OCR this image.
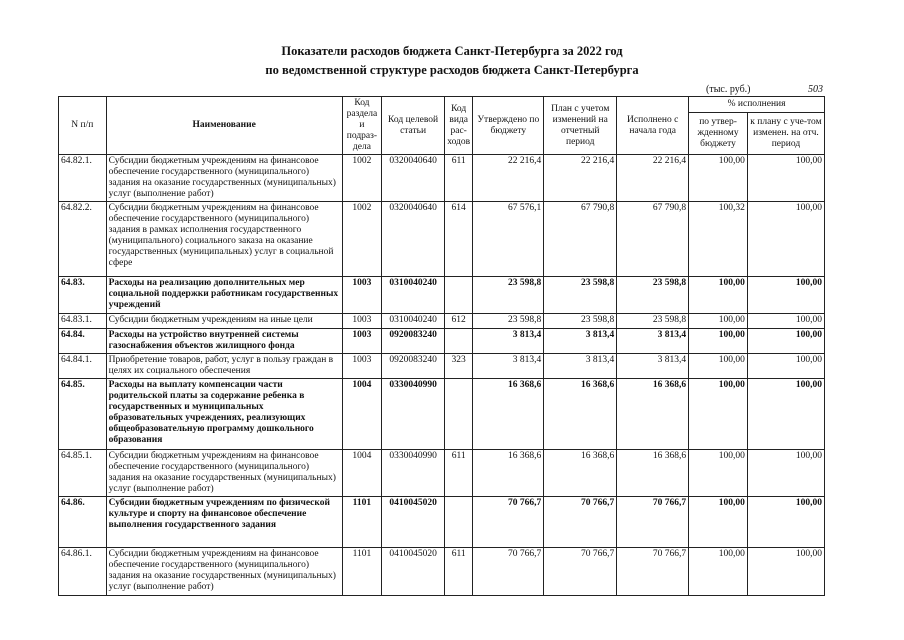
Показатели расходов бюджета Санкт-Петербурга за 2022 год
по ведомственной структуре расходов бюджета Санкт-Петербурга
(тыс. руб.)	503
N п/п	Наименование	Код раздела и подраз-дела	Код целевой статьи	Код вида рас-ходов	Утверждено по бюджету	План с учетом изменений на отчетный период	Исполнено с начала года	% исполнения	
								по утвер-жденному бюджету	к плану с уче-том изменен. на отч. период
64.82.1.	Субсидии бюджетным учреждениям на финансовое обеспечение государственного (муниципального) задания на оказание государственных (муниципальных) услуг (выполнение работ)	1002	0320040640	611	22 216,4	22 216,4	22 216,4	100,00	100,00
64.82.2.	Субсидии бюджетным учреждениям на финансовое обеспечение государственного (муниципального) задания в рамках исполнения государственного (муниципального) социального заказа на оказание государственных (муниципальных) услуг в социальной сфере	1002	0320040640	614	67 576,1	67 790,8	67 790,8	100,32	100,00
64.83.	Расходы на реализацию дополнительных мер социальной поддержки работникам государственных учреждений	1003	0310040240		23 598,8	23 598,8	23 598,8	100,00	100,00
64.83.1.	Субсидии бюджетным учреждениям на иные цели	1003	0310040240	612	23 598,8	23 598,8	23 598,8	100,00	100,00
64.84.	Расходы на устройство внутренней системы газоснабжения объектов жилищного фонда	1003	0920083240		3 813,4	3 813,4	3 813,4	100,00	100,00
64.84.1.	Приобретение товаров, работ, услуг в пользу граждан в целях их социального обеспечения	1003	0920083240	323	3 813,4	3 813,4	3 813,4	100,00	100,00
64.85.	Расходы на выплату компенсации части родительской платы за содержание ребенка в государственных и муниципальных образовательных учреждениях, реализующих общеобразовательную программу дошкольного образования	1004	0330040990		16 368,6	16 368,6	16 368,6	100,00	100,00
64.85.1.	Субсидии бюджетным учреждениям на финансовое обеспечение государственного (муниципального) задания на оказание государственных (муниципальных) услуг (выполнение работ)	1004	0330040990	611	16 368,6	16 368,6	16 368,6	100,00	100,00
64.86.	Субсидии бюджетным учреждениям по физической культуре и спорту на финансовое обеспечение выполнения государственного задания	1101	0410045020		70 766,7	70 766,7	70 766,7	100,00	100,00
64.86.1.	Субсидии бюджетным учреждениям на финансовое обеспечение государственного (муниципального) задания на оказание государственных (муниципальных) услуг (выполнение работ)	1101	0410045020	611	70 766,7	70 766,7	70 766,7	100,00	100,00
